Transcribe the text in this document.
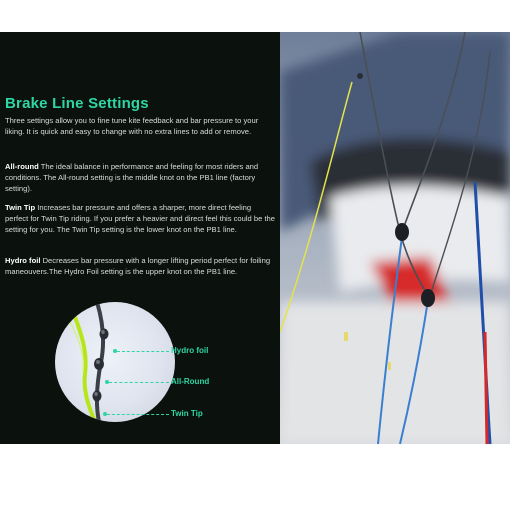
Brake Line Settings

Three settings allow you to fine tune kite feedback and bar pressure to your liking. It is quick and easy to change with no extra lines to add or remove.

All-round The ideal balance in performance and feeling for most riders and conditions. The All-round setting is the middle knot on the PB1 line (factory setting).

Twin Tip Increases bar pressure and offers a sharper, more direct feeling perfect for Twin Tip riding. If you prefer a heavier and direct feel this could be the setting for you. The Twin Tip setting is the lower knot on the PB1 line.

Hydro foil Decreases bar pressure with a longer lifting period perfect for foiling maneouvers.The Hydro Foil setting is the upper knot on the PB1 line.

Hydro foil
All-Round
Twin Tip
